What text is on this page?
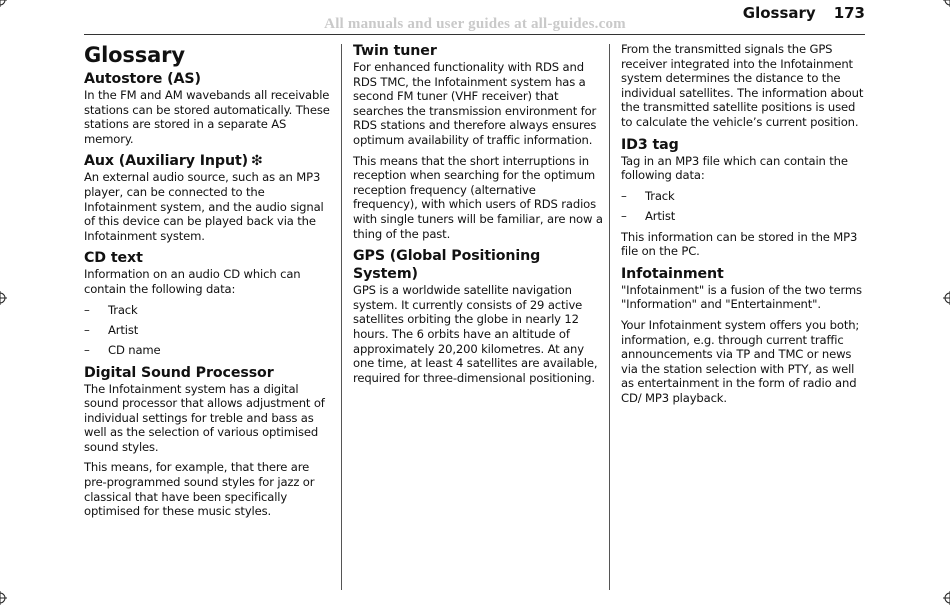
All manuals and user guides at all-guides.com
Glossary 173
Glossary
Autostore (AS)

In the FM and AM wavebands all receivable stations can be stored automatically. These stations are stored in a separate AS memory.

Aux (Auxiliary Input) ❇

An external audio source, such as an MP3 player, can be connected to the Infotainment system, and the audio signal of this device can be played back via the Infotainment system.

CD text

Information on an audio CD which can contain the following data:

– Track
– Artist
– CD name
Digital Sound Processor

The Infotainment system has a digital sound processor that allows adjustment of individual settings for treble and bass as well as the selection of various optimised sound styles.

This means, for example, that there are pre-programmed sound styles for jazz or classical that have been specifically optimised for these music styles.

Twin tuner

For enhanced functionality with RDS and RDS TMC, the Infotainment system has a second FM tuner (VHF receiver) that searches the transmission environment for RDS stations and therefore always ensures optimum availability of traffic information.

This means that the short interruptions in reception when searching for the optimum reception frequency (alternative frequency), with which users of RDS radios with single tuners will be familiar, are now a thing of the past.

GPS (Global Positioning System)

GPS is a worldwide satellite navigation system. It currently consists of 29 active satellites orbiting the globe in nearly 12 hours. The 6 orbits have an altitude of approximately 20,200 kilometres. At any one time, at least 4 satellites are available, required for three-dimensional positioning.

From the transmitted signals the GPS receiver integrated into the Infotainment system determines the distance to the individual satellites. The information about the transmitted satellite positions is used to calculate the vehicle’s current position.

ID3 tag

Tag in an MP3 file which can contain the following data:

– Track
– Artist

This information can be stored in the MP3 file on the PC.

Infotainment

"Infotainment" is a fusion of the two terms "Information" and "Entertainment".

Your Infotainment system offers you both; information, e.g. through current traffic announcements via TP and TMC or news via the station selection with PTY, as well as entertainment in the form of radio and CD/ MP3 playback.
